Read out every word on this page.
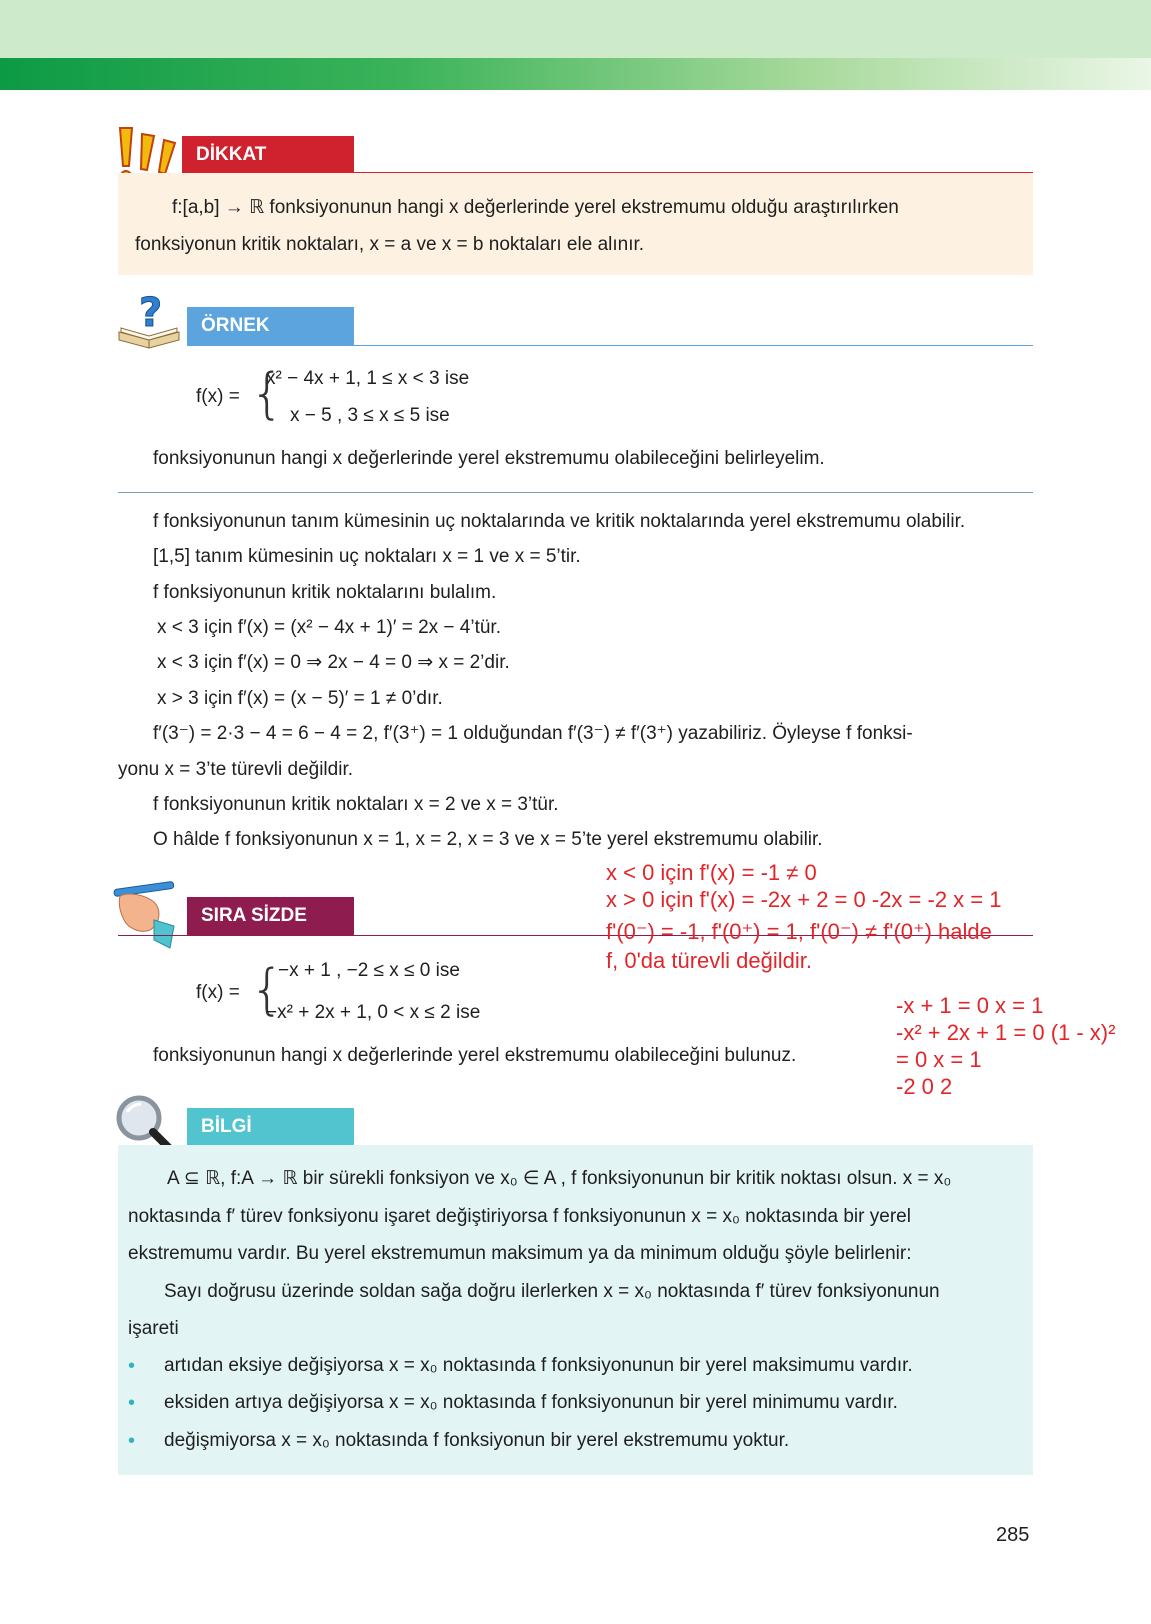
DİKKAT
f:[a,b] → ℝ fonksiyonunun hangi x değerlerinde yerel ekstremumu olduğu araştırılırken
fonksiyonun kritik noktaları, x = a ve x = b noktaları ele alınır.
?	ÖRNEK
f(x) = {
x² − 4x + 1, 1 ≤ x < 3 ise
x − 5 , 3 ≤ x ≤ 5 ise
fonksiyonunun hangi x değerlerinde yerel ekstremumu olabileceğini belirleyelim.
f fonksiyonunun tanım kümesinin uç noktalarında ve kritik noktalarında yerel ekstremumu olabilir.
[1,5] tanım kümesinin uç noktaları x = 1 ve x = 5’tir.
f fonksiyonunun kritik noktalarını bulalım.
x < 3 için f′(x) = (x² − 4x + 1)′ = 2x − 4’tür.
x < 3 için f′(x) = 0 ⇒ 2x − 4 = 0 ⇒ x = 2’dir.
x > 3 için f′(x) = (x − 5)′ = 1 ≠ 0’dır.
f′(3⁻) = 2·3 − 4 = 6 − 4 = 2, f′(3⁺) = 1 olduğundan f′(3⁻) ≠ f′(3⁺) yazabiliriz. Öyleyse f fonksi-
yonu x = 3’te türevli değildir.
f fonksiyonunun kritik noktaları x = 2 ve x = 3’tür.
O hâlde f fonksiyonunun x = 1, x = 2, x = 3 ve x = 5’te yerel ekstremumu olabilir.
SIRA SİZDE
f(x) = {
−x + 1 , −2 ≤ x ≤ 0 ise
−x² + 2x + 1, 0 < x ≤ 2 ise
fonksiyonunun hangi x değerlerinde yerel ekstremumu olabileceğini bulunuz.
x < 0 için f'(x) = -1 ≠ 0
x > 0 için f'(x) = -2x + 2 = 0 -2x = -2 x = 1
f'(0⁻) = -1, f'(0⁺) = 1, f'(0⁻) ≠ f'(0⁺) halde
f, 0'da türevli değildir.
-x + 1 = 0 x = 1
-x² + 2x + 1 = 0 (1 - x)²
= 0 x = 1
-2 0 2
BİLGİ
A ⊆ ℝ, f:A → ℝ bir sürekli fonksiyon ve x₀ ∈ A , f fonksiyonunun bir kritik noktası olsun. x = x₀
noktasında f′ türev fonksiyonu işaret değiştiriyorsa f fonksiyonunun x = x₀ noktasında bir yerel
ekstremumu vardır. Bu yerel ekstremumun maksimum ya da minimum olduğu şöyle belirlenir:
Sayı doğrusu üzerinde soldan sağa doğru ilerlerken x = x₀ noktasında f′ türev fonksiyonunun
işareti
• artıdan eksiye değişiyorsa x = x₀ noktasında f fonksiyonunun bir yerel maksimumu vardır.
• eksiden artıya değişiyorsa x = x₀ noktasında f fonksiyonunun bir yerel minimumu vardır.
• değişmiyorsa x = x₀ noktasında f fonksiyonun bir yerel ekstremumu yoktur.
285
